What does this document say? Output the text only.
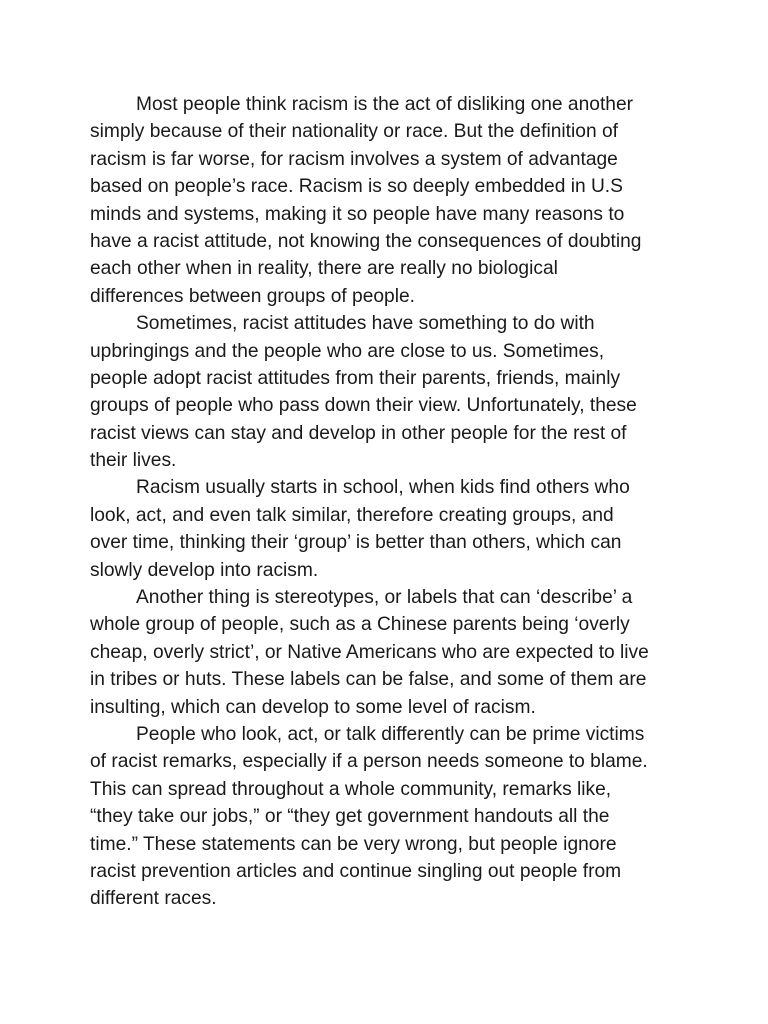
Most people think racism is the act of disliking one another
simply because of their nationality or race. But the definition of
racism is far worse, for racism involves a system of advantage
based on people’s race. Racism is so deeply embedded in U.S
minds and systems, making it so people have many reasons to
have a racist attitude, not knowing the consequences of doubting
each other when in reality, there are really no biological
differences between groups of people.
Sometimes, racist attitudes have something to do with
upbringings and the people who are close to us. Sometimes,
people adopt racist attitudes from their parents, friends, mainly
groups of people who pass down their view. Unfortunately, these
racist views can stay and develop in other people for the rest of
their lives.
Racism usually starts in school, when kids find others who
look, act, and even talk similar, therefore creating groups, and
over time, thinking their ‘group’ is better than others, which can
slowly develop into racism.
Another thing is stereotypes, or labels that can ‘describe’ a
whole group of people, such as a Chinese parents being ‘overly
cheap, overly strict’, or Native Americans who are expected to live
in tribes or huts. These labels can be false, and some of them are
insulting, which can develop to some level of racism.
People who look, act, or talk differently can be prime victims
of racist remarks, especially if a person needs someone to blame.
This can spread throughout a whole community, remarks like,
“they take our jobs,” or “they get government handouts all the
time.” These statements can be very wrong, but people ignore
racist prevention articles and continue singling out people from
different races.
